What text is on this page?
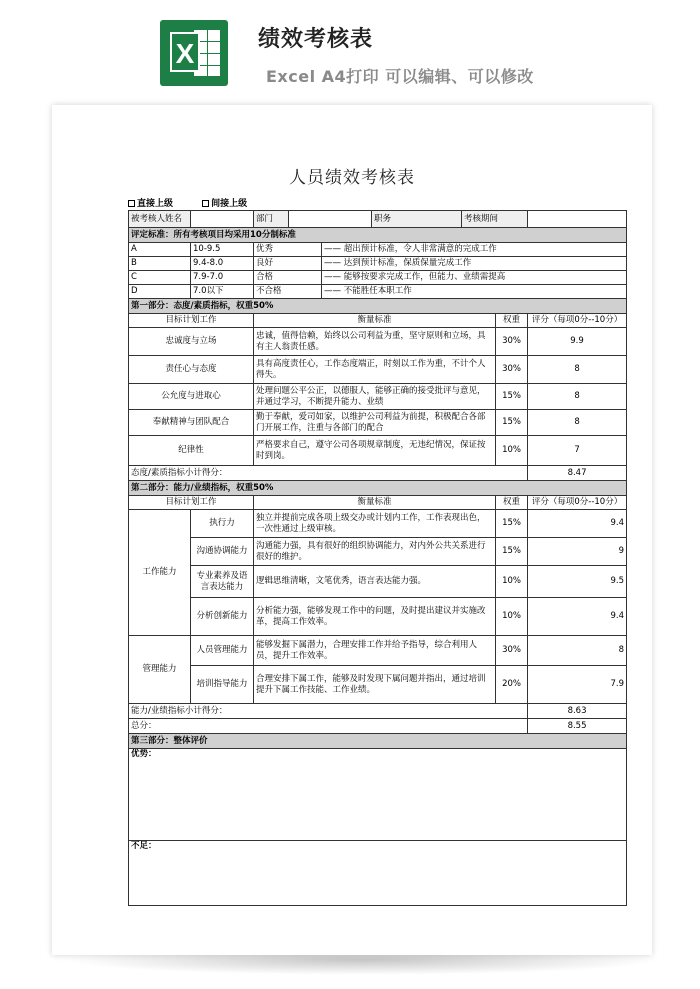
X	绩效考核表
Excel A4打印 可以编辑、可以修改
人员绩效考核表
直接上级	间接上级
被考核人姓名		部门			职务	考核期间		
评定标准：所有考核项目均采用10分制标准								
A	10-9.5	优秀		—— 超出预计标准，令人非常满意的完成工作				
B	9.4-8.0	良好		—— 达到预计标准，保质保量完成工作				
C	7.9-7.0	合格		—— 能够按要求完成工作，但能力、业绩需提高				
D	7.0以下	不合格		—— 不能胜任本职工作				
第一部分：态度/素质指标，权重50%								
目标计划工作		衡量标准					权重	评分（每项0分--10分）
忠诚度与立场		忠诚，值得信赖，始终以公司利益为重，坚守原则和立场，具有主人翁责任感。					30%	9.9
责任心与态度		具有高度责任心，工作态度端正，时刻以工作为重，不计个人得失。					30%	8
公允度与进取心		处理问题公平公正，以德服人，能够正确的接受批评与意见，并通过学习，不断提升能力、业绩					15%	8
奉献精神与团队配合		勤于奉献，爱司如家，以维护公司利益为前提，积极配合各部门开展工作，注重与各部门的配合					15%	8
纪律性		严格要求自己，遵守公司各项规章制度，无违纪情况，保证按时到岗。					10%	7
态度/素质指标小计得分：								8.47
第二部分：能力/业绩指标，权重50%								
目标计划工作		衡量标准					权重	评分（每项0分--10分）
工作能力	执行力	独立并提前完成各项上级交办或计划内工作，工作表现出色，一次性通过上级审核。					15%	9.4
	沟通协调能力	沟通能力强，具有很好的组织协调能力，对内外公共关系进行很好的维护。					15%	9
	专业素养及语言表达能力	逻辑思维清晰，文笔优秀，语言表达能力强。					10%	9.5
	分析创新能力	分析能力强，能够发现工作中的问题，及时提出建议并实施改革，提高工作效率。					10%	9.4
管理能力	人员管理能力	能够发掘下属潜力，合理安排工作并给予指导，综合利用人员，提升工作效率。					30%	8
	培训指导能力	合理安排下属工作，能够及时发现下属问题并指出，通过培训提升下属工作技能、工作业绩。					20%	7.9
能力/业绩指标小计得分：								8.63
总分：								8.55
第三部分：整体评价								
优势：								
不足：								
